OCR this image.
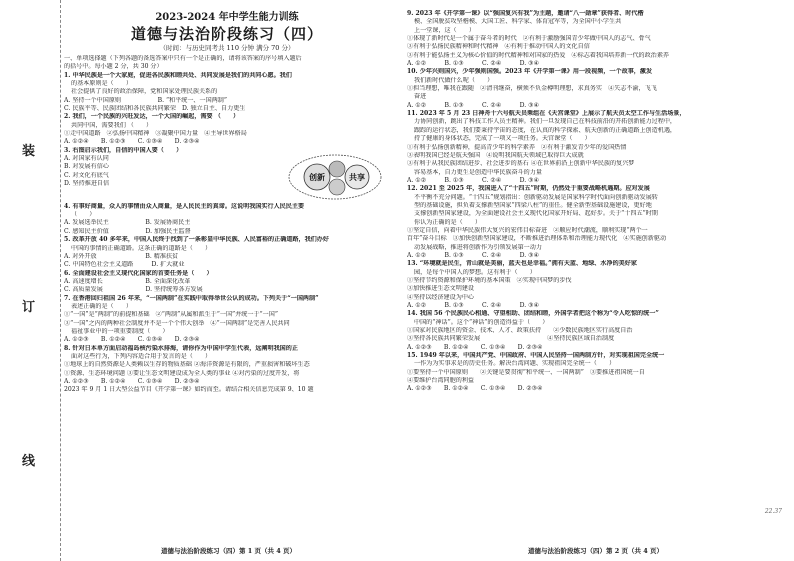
装
订
线
2023-2024 年中学生能力训练
道德与法治阶段练习（四）
（时间：与历史同考共 110 分钟 满分 70 分）
一、单项选择题（下列各题的备选答案中只有一个是正确的，请将该答案的序号填入题后
的括号中。每小题 2 分，共 30 分）
1. 中华民族是一个大家庭，促进各民族和睦共处、共同发展是我们的共同心愿。我们
的基本原则是（　　）
社会提供了良好的政治保障，党和国家处理民族关系的
A. 坚持一个中国原则　　　　　　B. “和平统一、一国两制”
C. 民族平等、民族团结和各民族共同繁荣　D. 独立自主、自力更生
2. 我们，一个民族的兴旺发达，一个大国的崛起，需要 （　　）
共同中国，需要我们 （　　）
①走中国道路　②弘扬中国精神　③凝聚中国力量　④主导世界格局
A. ①②④　　B. ①②③　　C. ①③④　　D. ②③④
3. 右图启示我们，自信的中国人要（　　）
A. 对国家有认同
B. 对发展有信心
C. 对文化有底气
D. 坚持推进自信
创新	共享
4. 有事好商量，众人的事情由众人商量，是人民民主的真谛。这说明我国实行人民民主要
（　　）
A. 发展选举民主　　　　　　B. 发展协商民主
C. 感知民主价值　　　　　　D. 加强民主监督
5. 改革开放 40 多年来，中国人民终于找到了一条彰显中华民族、人民富裕的正确道路，我们办好
中国的事情的正确道路。这条正确的道路是（　　）
A. 对外开放　　　　　　　　B. 精准扶贫
C. 中国特色社会主义道路　　　D. 扩大就业
6. 全面建设社会主义现代化国家的首要任务是（　　）
A. 高速度增长　　　　　　　B. 全面深化改革
C. 高质量发展　　　　　　　D. 坚持统筹各方发展
7. 在香港回归祖国 26 年来，“一国两制”在实践中取得举世公认的成功。下列关于“一国两制”
表述正确的是（　　）
①“一国”是“两制”的前提和基础　②“两制”从属和派生于“一国”并统一于“一国”
③“一国”之内的两种社会制度并不是一个个伟大创举　④“一国两制”是完善人民共同
福祉事业中的一项重要制度（　　）
A. ①②③　　B. ①②④　　C. ①③④　　D. ②③④
8. 针对日本单方面启动福岛核污染水排海，请你作为中国中学生代表，远阐明我国的正
面对这些行为，下列内容适合用于发言的是（　　）
①地球上的自然资源是人类赖以生存的物质基础 ②海洋资源是有限的，严重损害和破坏生态
①资源、生态环境问题 ③要让生态文明建设成为全人类的事业 ④对污染的过度开发，将
A. ①②③　　B. ①②④　　C. ①③④　　D. ②③④
2023 年 9 月 1 日大型公益节目《开学第一课》如约而至。请结合相关信息完成第 9、10 题
道德与法治阶段练习（四）第 1 页（共 4 页）
9. 2023 年《开学第一课》以“强国复兴有我”为主题，邀请“八一勋章”获得者、时代楷
模、全国脱贫攻坚楷模、大国工匠、科学家、体育冠军等，为全国中小学生共
上一堂课，这（　　）
①体现了新时代是一个属于奋斗者的时代　②有利于激励强国青少年做中国人的志气、骨气
③有利于弘扬民族精神和时代精神　④有利于推动中国人的文化自信
③有利于能弘扬主义为核心价值的时代精神和对国家的热爱　④标志着我国培养新一代的政治素养
A. ①②　　　B. ①③　　　C. ②④　　　D. ③④
10. 少年兴则国兴，少年强则国强。2023 年《开学第一课》用一段视频，一个故事，激发
我们新时代做什么呢（　　）
①担当理想，唯我在跟随　②清刊继奋，横须不负金樽明理想，求真务实　④矢志不渝，飞飞
奋进
A. ①②　　　B. ①③　　　C. ②④　　　D. ③④
11. 2023 年 5 月 23 日神舟十六号航天员乘组在《天宫课堂》上展示了航天员太空工作与生活场景，
力协同创新，跳出了科技工作人员主精神。我们一旦发现自己在科技前沿的开拓创新能力过程中，
跟踪的运行状态，我们要秉持宇宙的态度，在认真的科学探索、航天创新的正确道路上创造机遇，
持了健康的身体状态，完成了一项又一项任务。天宫课堂（　　）
①有利于弘扬创新精神，提高青少年的科学素养　②有利于激发青少年的爱国热情
③表明我国已经是航天强国　④说明我国航天领域已取得巨大成就
③有利于从我民族团结进步、社会进步的基石 ④在世界前沿上创新中华民族的复兴梦
容易基本，自力更生是创造中华民族奋斗的力量
A. ①②　　　B. ①③　　　C. ②④　　　D. ③④
12. 2021 至 2025 年，我国进入了“十四五”时期，仍然处于重要战略机遇期。应对发展
不平衡不充分问题。“十四五”规划指出：创新驱动发展是国家科学时代面向创新驱动发展转
型的基础设施，担负着支撑新型国家“四梁八柱”的重任。健全新型基础设施建设，更好地
支撑创新型国家建设，为全面建设社会主义现代化国家开好局、起好步。关于“十四五”时期
你认为正确的是（　　）
①坚定自信，向着中华民族伟大复兴的宏伟目标奋进　②顺应时代潮流，顺利实现“两个一
百年”奋斗目标　③加快创新型国家建设，不断推进治理体系和治理能力现代化　④实施创新驱动
动发展战略，推进将创新作为引领发展第一动力
A. ①②　　　B. ①③　　　C. ②④　　　D. ③④
13. “环境就是民生，青山就是美丽，蓝天也是幸福。”拥有天蓝、地绿、水净的美好家
园，是每个中国人的梦想。这有利于（　　）
①坚持节约资源和保护环境的基本国策　②实现中国梦的步伐
③加快推进生态文明建设
④坚持以经济建设为中心
A. ①②　　　B. ①③　　　C. ②④　　　D. ③④
14. 我国 56 个民族民心相通、守望相助、团结和睦，外国学者把这个称为“令人吃惊的统一”
中国的“神话”。这个“神话”的创造得益于（　　）
①国家对民族地区的资金、技术、人才、政策扶持　　②少数民族地区实行高度自治
③坚持各民族共同繁荣发展　　　　　　　　　　　④坚持民族区域自治制度
A. ①②③　　B. ①②④　　C. ①③④　　D. ②③④
15. 1949 年以来，中国共产党、中国政府、中国人民坚持一国两制方针，对实现祖国完全统一
一作为为实事求是的历史任务。解决台湾问题、实现祖国完全统一（　　）
①要坚持一个中国原则　　②关键是要贯彻“和平统一、一国两制”　③要推进祖国统一自
④要维护台湾同胞的利益
A. ①②③　　B. ①②④　　C. ①③④　　D. ②③④
22.37
道德与法治阶段练习（四）第 2 页（共 4 页）
